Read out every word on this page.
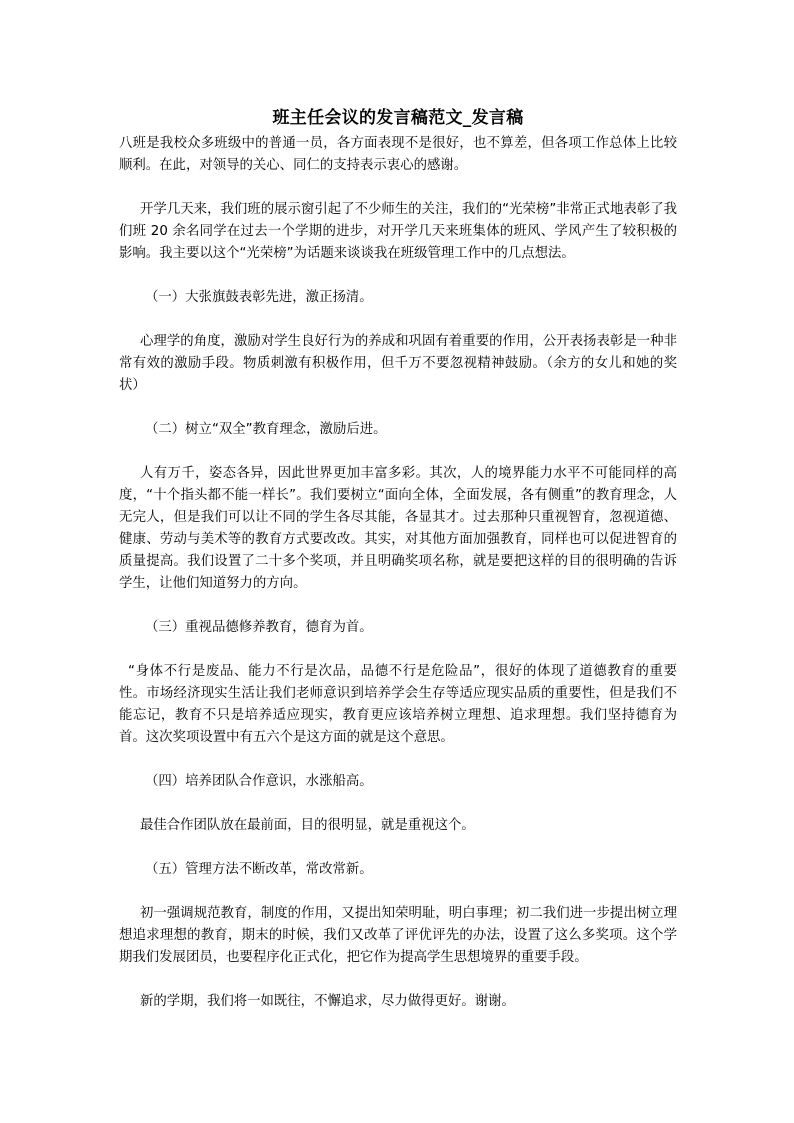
班主任会议的发言稿范文_发言稿

八班是我校众多班级中的普通一员，各方面表现不是很好，也不算差，但各项工作总体上比较顺利。在此，对领导的关心、同仁的支持表示衷心的感谢。

开学几天来，我们班的展示窗引起了不少师生的关注，我们的“光荣榜”非常正式地表彰了我们班 20 余名同学在过去一个学期的进步，对开学几天来班集体的班风、学风产生了较积极的影响。我主要以这个“光荣榜”为话题来谈谈我在班级管理工作中的几点想法。

（一）大张旗鼓表彰先进，激正扬清。

心理学的角度，激励对学生良好行为的养成和巩固有着重要的作用，公开表扬表彰是一种非常有效的激励手段。物质刺激有积极作用，但千万不要忽视精神鼓励。（余方的女儿和她的奖状）

（二）树立“双全”教育理念，激励后进。

人有万千，姿态各异，因此世界更加丰富多彩。其次，人的境界能力水平不可能同样的高度，“十个指头都不能一样长”。我们要树立“面向全体，全面发展，各有侧重”的教育理念，人无完人，但是我们可以让不同的学生各尽其能，各显其才。过去那种只重视智育，忽视道德、健康、劳动与美术等的教育方式要改改。其实，对其他方面加强教育，同样也可以促进智育的质量提高。我们设置了二十多个奖项，并且明确奖项名称，就是要把这样的目的很明确的告诉学生，让他们知道努力的方向。

（三）重视品德修养教育，德育为首。

“身体不行是废品、能力不行是次品，品德不行是危险品”，很好的体现了道德教育的重要性。市场经济现实生活让我们老师意识到培养学会生存等适应现实品质的重要性，但是我们不能忘记，教育不只是培养适应现实，教育更应该培养树立理想、追求理想。我们坚持德育为首。这次奖项设置中有五六个是这方面的就是这个意思。

（四）培养团队合作意识，水涨船高。

最佳合作团队放在最前面，目的很明显，就是重视这个。

（五）管理方法不断改革，常改常新。

初一强调规范教育，制度的作用，又提出知荣明耻，明白事理；初二我们进一步提出树立理想追求理想的教育，期末的时候，我们又改革了评优评先的办法，设置了这么多奖项。这个学期我们发展团员，也要程序化正式化，把它作为提高学生思想境界的重要手段。

新的学期，我们将一如既往，不懈追求，尽力做得更好。谢谢。
